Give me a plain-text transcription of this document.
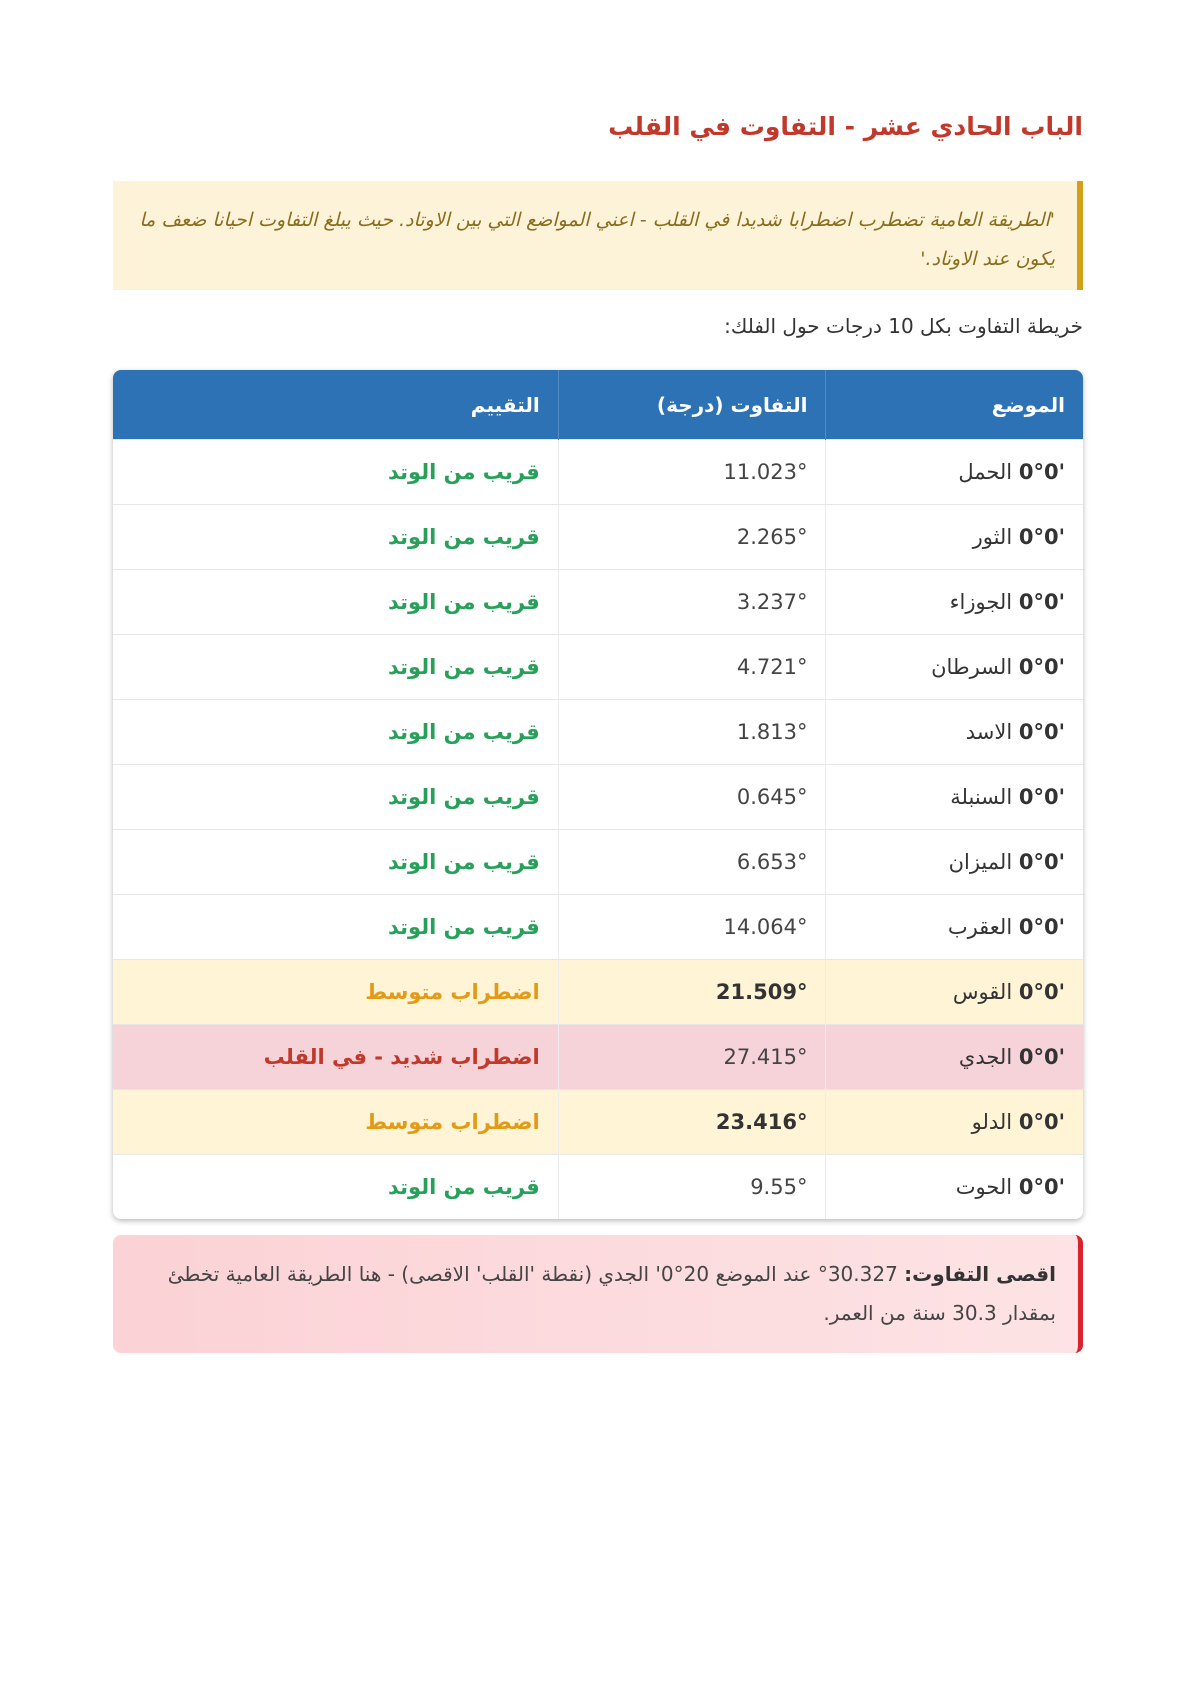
الباب الحادي عشر - التفاوت في القلب
'الطريقة العامية تضطرب اضطرابا شديدا في القلب - اعني المواضع التي بين الاوتاد. حيث يبلغ التفاوت احيانا ضعف ما يكون عند الاوتاد.'

خريطة التفاوت بكل 10 درجات حول الفلك:

الموضع	التفاوت (درجة)	التقييم
0°0' الحمل	11.023°	قريب من الوتد
0°0' الثور	2.265°	قريب من الوتد
0°0' الجوزاء	3.237°	قريب من الوتد
0°0' السرطان	4.721°	قريب من الوتد
0°0' الاسد	1.813°	قريب من الوتد
0°0' السنبلة	0.645°	قريب من الوتد
0°0' الميزان	6.653°	قريب من الوتد
0°0' العقرب	14.064°	قريب من الوتد
0°0' القوس	21.509°	اضطراب متوسط
0°0' الجدي	27.415°	اضطراب شديد - في القلب
0°0' الدلو	23.416°	اضطراب متوسط
0°0' الحوت	9.55°	قريب من الوتد
اقصى التفاوت: 30.327° عند الموضع 20°0' الجدي (نقطة 'القلب' الاقصى) - هنا الطريقة العامية تخطئ بمقدار 30.3 سنة من العمر.
